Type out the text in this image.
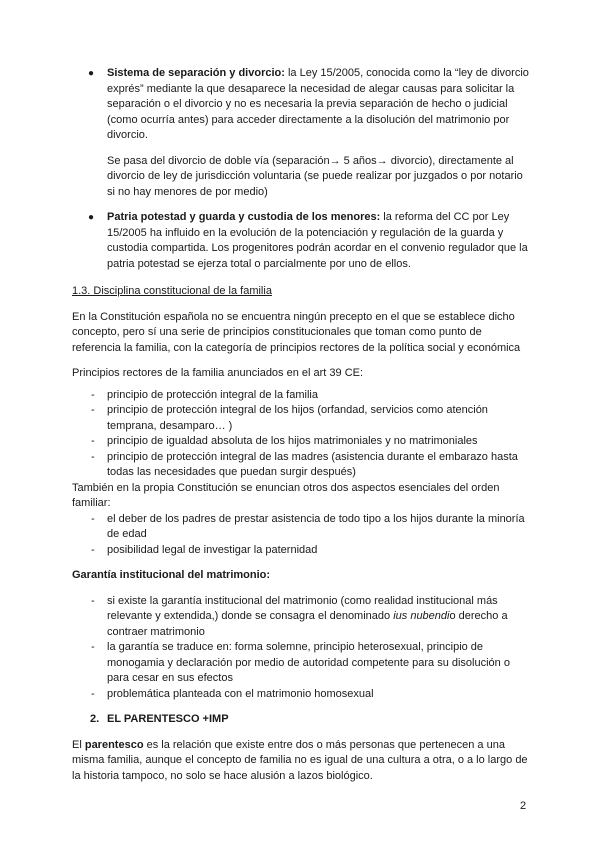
● Sistema de separación y divorcio: la Ley 15/2005, conocida como la “ley de divorcio exprés” mediante la que desaparece la necesidad de alegar causas para solicitar la separación o el divorcio y no es necesaria la previa separación de hecho o judicial (como ocurría antes) para acceder directamente a la disolución del matrimonio por divorcio.

Se pasa del divorcio de doble vía (separación→ 5 años→ divorcio), directamente al divorcio de ley de jurisdicción voluntaria (se puede realizar por juzgados o por notario si no hay menores de por medio)

● Patria potestad y guarda y custodia de los menores: la reforma del CC por Ley 15/2005 ha influido en la evolución de la potenciación y regulación de la guarda y custodia compartida. Los progenitores podrán acordar en el convenio regulador que la patria potestad se ejerza total o parcialmente por uno de ellos.

1.3. Disciplina constitucional de la familia

En la Constitución española no se encuentra ningún precepto en el que se establece dicho concepto, pero sí una serie de principios constitucionales que toman como punto de referencia la familia, con la categoría de principios rectores de la política social y económica

Principios rectores de la familia anunciados en el art 39 CE:

- principio de protección integral de la familia
- principio de protección integral de los hijos (orfandad, servicios como atención temprana, desamparo… )
- principio de igualdad absoluta de los hijos matrimoniales y no matrimoniales
- principio de protección integral de las madres (asistencia durante el embarazo hasta todas las necesidades que puedan surgir después)

También en la propia Constitución se enuncian otros dos aspectos esenciales del orden familiar:

- el deber de los padres de prestar asistencia de todo tipo a los hijos durante la minoría de edad
- posibilidad legal de investigar la paternidad

Garantía institucional del matrimonio:

- si existe la garantía institucional del matrimonio (como realidad institucional más relevante y extendida,) donde se consagra el denominado ius nubendio derecho a contraer matrimonio
- la garantía se traduce en: forma solemne, principio heterosexual, principio de monogamia y declaración por medio de autoridad competente para su disolución o para cesar en sus efectos
- problemática planteada con el matrimonio homosexual

2. EL PARENTESCO +IMP

El parentesco es la relación que existe entre dos o más personas que pertenecen a una misma familia, aunque el concepto de familia no es igual de una cultura a otra, o a lo largo de la historia tampoco, no solo se hace alusión a lazos biológico.

2
